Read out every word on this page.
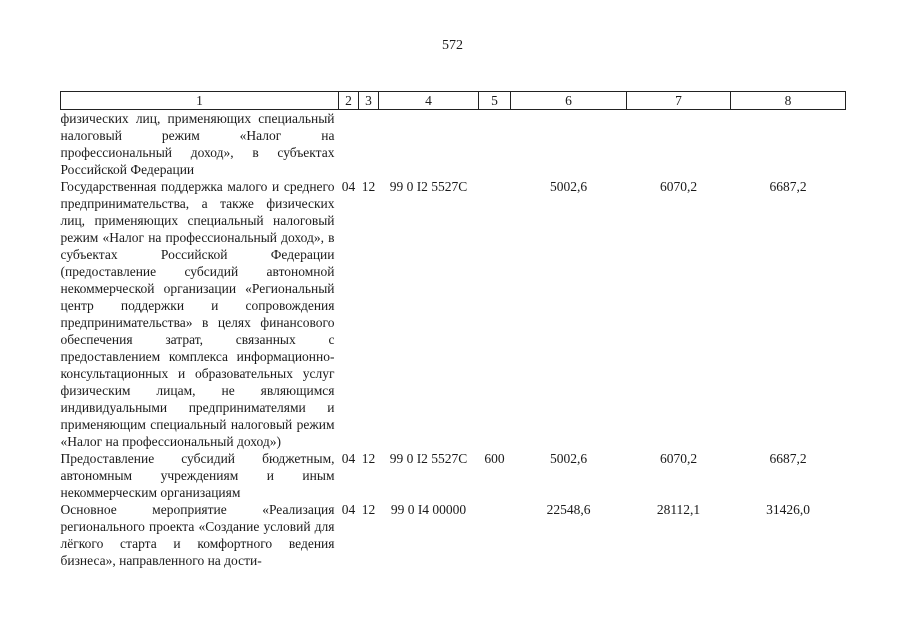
572
1	2	3	4	5	6	7	8
физических лиц, применяющих специальный налоговый режим «Налог на профессиональный доход», в субъектах Российской Федерации							
Государственная поддержка малого и среднего предпринимательства, а также физических лиц, применяющих специальный налоговый режим «Налог на профессиональный доход», в субъектах Российской Федерации (предоставление субсидий автономной некоммерческой организации «Региональный центр поддержки и сопровождения предпринимательства» в целях финансового обеспечения затрат, связанных с предоставлением комплекса информационно-консультационных и образовательных услуг физическим лицам, не являющимся индивидуальными предпринимателями и применяющим специальный налоговый режим «Налог на профессиональный доход»)	04	12	99 0 I2 5527C		5002,6	6070,2	6687,2
Предоставление субсидий бюджетным, автономным учреждениям и иным некоммерческим организациям	04	12	99 0 I2 5527C	600	5002,6	6070,2	6687,2
Основное мероприятие «Реализация регионального проекта «Создание условий для лёгкого старта и комфортного ведения бизнеса», направленного на дости-	04	12	99 0 I4 00000		22548,6	28112,1	31426,0
